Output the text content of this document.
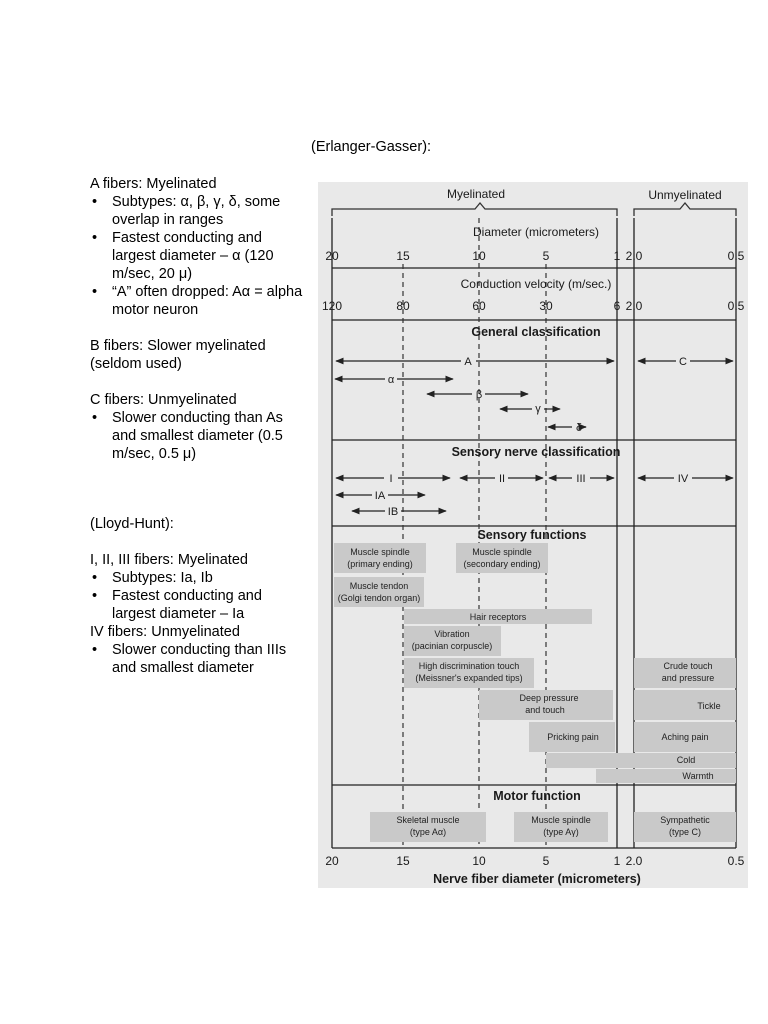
(Erlanger-Gasser):
A fibers: Myelinated
• Subtypes: α, β, γ, δ, some
overlap in ranges
• Fastest conducting and
largest diameter – α (120
m/sec, 20 μ)
• “A” often dropped: Aα = alpha
motor neuron
B fibers: Slower myelinated
(seldom used)
C fibers: Unmyelinated
• Slower conducting than As
and smallest diameter (0.5
m/sec, 0.5 μ)
(Lloyd-Hunt):
I, II, III fibers: Myelinated
• Subtypes: Ia, Ib
• Fastest conducting and
largest diameter – Ia
IV fibers: Unmyelinated
• Slower conducting than IIIs
and smallest diameter
Myelinated	Unmyelinated
Diameter (micrometers)
20	15	10	5	1 2.0	0.5
Conduction velocity (m/sec.)
120	80	60	30	6 2.0	0.5
General classification
A	C
α
β
γ
δ
Sensory nerve classification
I	II	III	IV
IA
IB
Sensory functions
Muscle spindle
(primary ending)
Muscle spindle
(secondary ending)
Muscle tendon
(Golgi tendon organ)
Hair receptors
Vibration
(pacinian corpuscle)
High discrimination touch
(Meissner's expanded tips)
Crude touch
and pressure
Deep pressure
and touch	Tickle
Pricking pain	Aching pain
Cold
Warmth
Motor function
Skeletal muscle
(type Aα)
Muscle spindle
(type Aγ)
Sympathetic
(type C)
20	15	10	5	1 2.0	0.5
Nerve fiber diameter (micrometers)
